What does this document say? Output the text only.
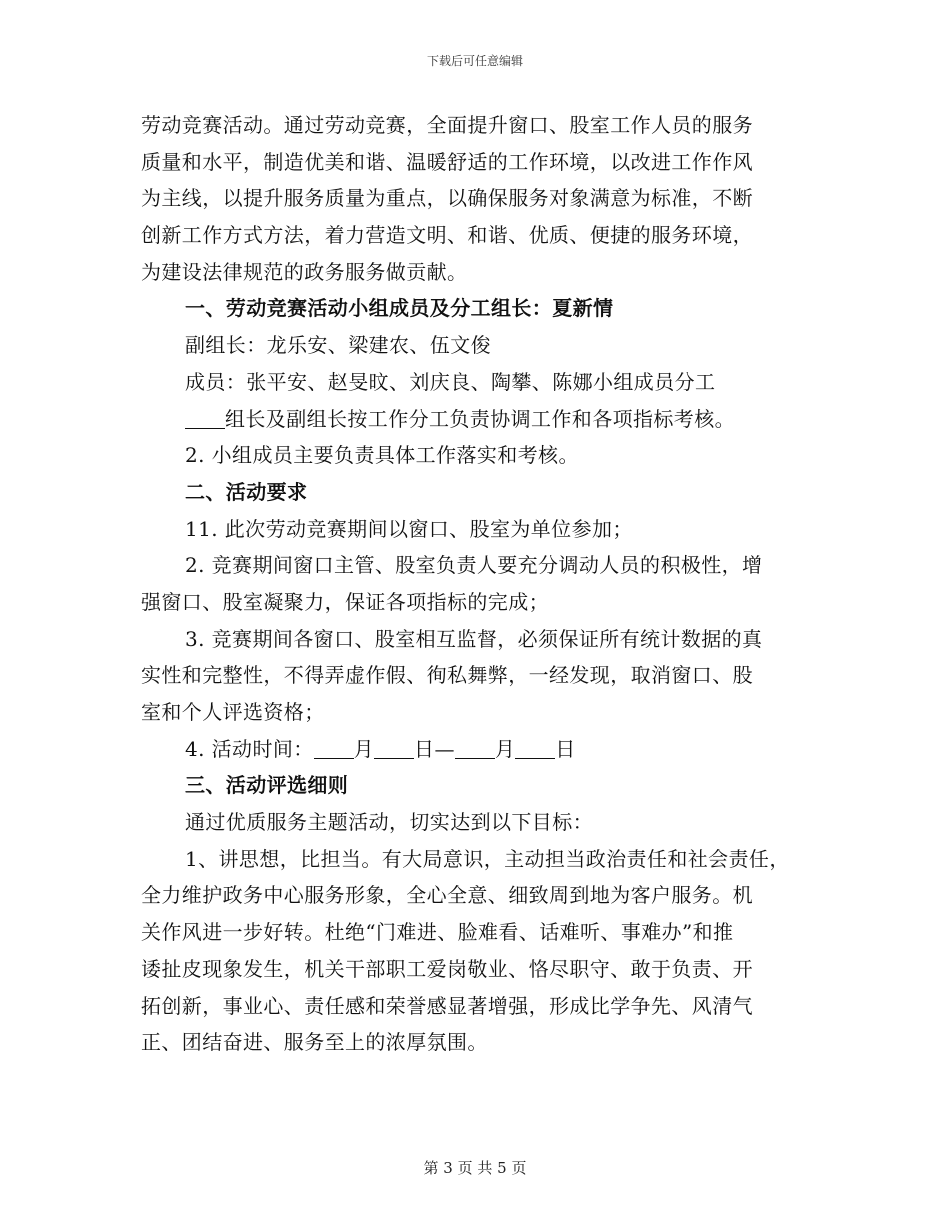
下载后可任意编辑
劳动竞赛活动。通过劳动竞赛，全面提升窗口、股室工作人员的服务
质量和水平，制造优美和谐、温暖舒适的工作环境，以改进工作作风
为主线，以提升服务质量为重点，以确保服务对象满意为标准，不断
创新工作方式方法，着力营造文明、和谐、优质、便捷的服务环境，
为建设法律规范的政务服务做贡献。
一、劳动竞赛活动小组成员及分工组长：夏新情
副组长：龙乐安、梁建农、伍文俊
成员：张平安、赵旻旼、刘庆良、陶攀、陈娜小组成员分工
组长及副组长按工作分工负责协调工作和各项指标考核。
2. 小组成员主要负责具体工作落实和考核。
二、活动要求
11. 此次劳动竞赛期间以窗口、股室为单位参加；
2. 竞赛期间窗口主管、股室负责人要充分调动人员的积极性，增
强窗口、股室凝聚力，保证各项指标的完成；
3. 竞赛期间各窗口、股室相互监督，必须保证所有统计数据的真
实性和完整性，不得弄虚作假、徇私舞弊，一经发现，取消窗口、股
室和个人评选资格；
4. 活动时间： 月 日— 月 日
三、活动评选细则
通过优质服务主题活动，切实达到以下目标：
1、讲思想，比担当。有大局意识，主动担当政治责任和社会责任，
全力维护政务中心服务形象，全心全意、细致周到地为客户服务。机
关作风进一步好转。杜绝“门难进、脸难看、话难听、事难办”和推
诿扯皮现象发生，机关干部职工爱岗敬业、恪尽职守、敢于负责、开
拓创新，事业心、责任感和荣誉感显著增强，形成比学争先、风清气
正、团结奋进、服务至上的浓厚氛围。
第 3 页 共 5 页
